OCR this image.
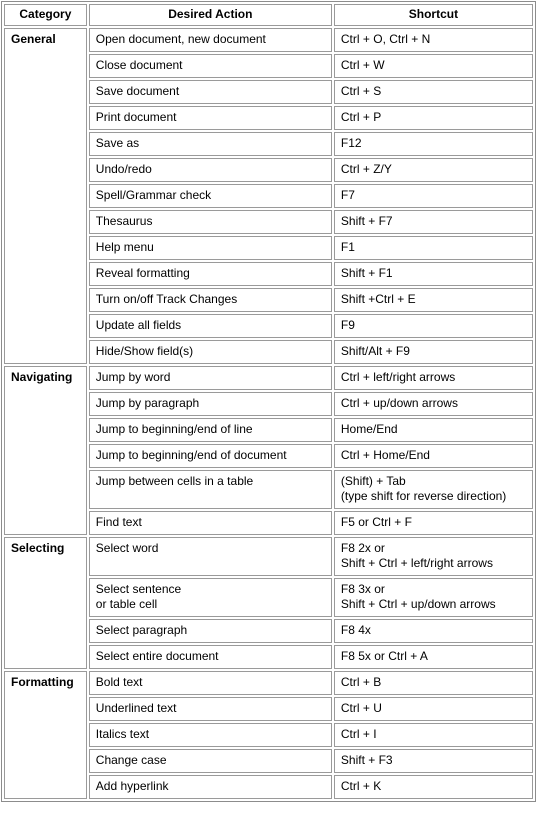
Category	Desired Action	Shortcut
General	Open document, new document	Ctrl + O, Ctrl + N
	Close document	Ctrl + W
	Save document	Ctrl + S
	Print document	Ctrl + P
	Save as	F12
	Undo/redo	Ctrl + Z/Y
	Spell/Grammar check	F7
	Thesaurus	Shift + F7
	Help menu	F1
	Reveal formatting	Shift + F1
	Turn on/off Track Changes	Shift +Ctrl + E
	Update all fields	F9
	Hide/Show field(s)	Shift/Alt + F9
Navigating	Jump by word	Ctrl + left/right arrows
	Jump by paragraph	Ctrl + up/down arrows
	Jump to beginning/end of line	Home/End
	Jump to beginning/end of document	Ctrl + Home/End
	Jump between cells in a table	(Shift) + Tab
(type shift for reverse direction)
	Find text	F5 or Ctrl + F
Selecting	Select word	F8 2x or
Shift + Ctrl + left/right arrows
	Select sentence
or table cell	F8 3x or
Shift + Ctrl + up/down arrows
	Select paragraph	F8 4x
	Select entire document	F8 5x or Ctrl + A
Formatting	Bold text	Ctrl + B
	Underlined text	Ctrl + U
	Italics text	Ctrl + I
	Change case	Shift + F3
	Add hyperlink	Ctrl + K
